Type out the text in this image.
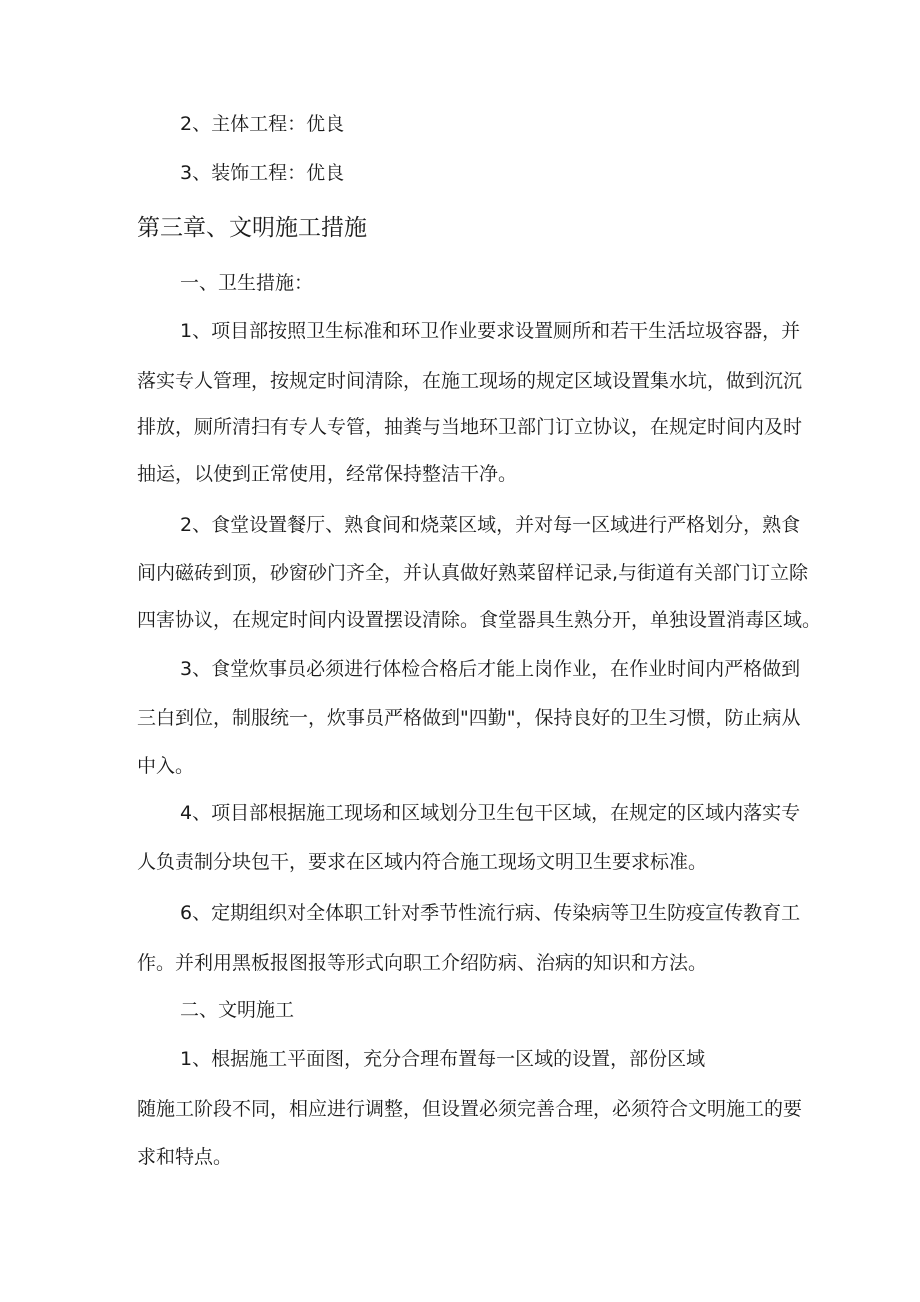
2、主体工程：优良
3、装饰工程：优良
第三章、文明施工措施
一、卫生措施：
1、项目部按照卫生标准和环卫作业要求设置厕所和若干生活垃圾容器，并
落实专人管理，按规定时间清除，在施工现场的规定区域设置集水坑，做到沉沉
排放，厕所清扫有专人专管，抽粪与当地环卫部门订立协议，在规定时间内及时
抽运，以使到正常使用，经常保持整洁干净。
2、食堂设置餐厅、熟食间和烧菜区域，并对每一区域进行严格划分，熟食
间内磁砖到顶，砂窗砂门齐全，并认真做好熟菜留样记录,与街道有关部门订立除
四害协议，在规定时间内设置摆设清除。食堂器具生熟分开，单独设置消毒区域。
3、食堂炊事员必须进行体检合格后才能上岗作业，在作业时间内严格做到
三白到位，制服统一，炊事员严格做到"四勤"，保持良好的卫生习惯，防止病从
中入。
4、项目部根据施工现场和区域划分卫生包干区域，在规定的区域内落实专
人负责制分块包干，要求在区域内符合施工现场文明卫生要求标准。
6、定期组织对全体职工针对季节性流行病、传染病等卫生防疫宣传教育工
作。并利用黑板报图报等形式向职工介绍防病、治病的知识和方法。
二、文明施工
1、根据施工平面图，充分合理布置每一区域的设置，部份区域
随施工阶段不同，相应进行调整，但设置必须完善合理，必须符合文明施工的要
求和特点。
